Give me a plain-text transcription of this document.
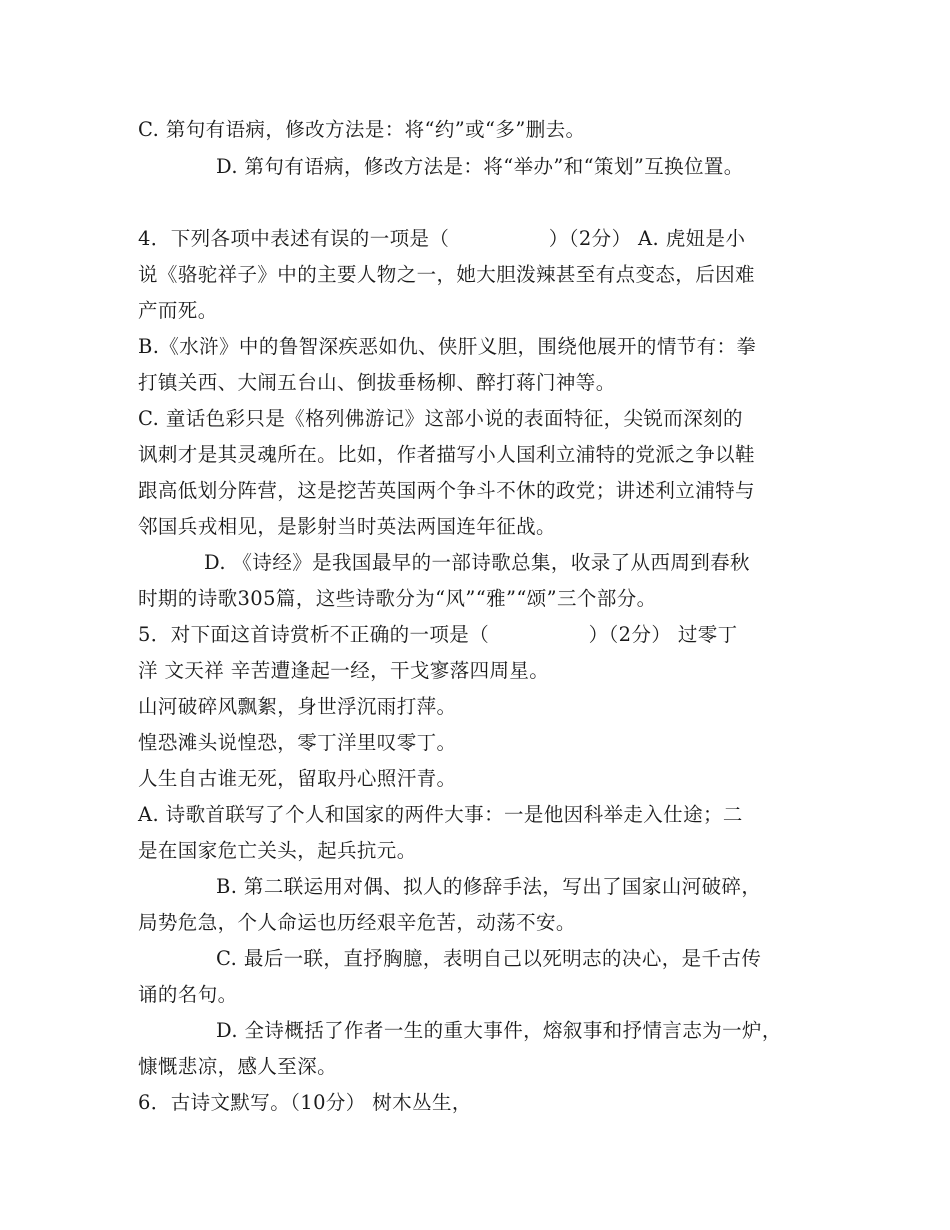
C. 第句有语病，修改方法是：将“约”或“多”删去。
D. 第句有语病，修改方法是：将“举办”和“策划”互换位置。
4．下列各项中表述有误的一项是（　　　　　）（2分） A. 虎妞是小
说《骆驼祥子》中的主要人物之一，她大胆泼辣甚至有点变态，后因难
产而死。
B.《水浒》中的鲁智深疾恶如仇、侠肝义胆，围绕他展开的情节有：拳
打镇关西、大闹五台山、倒拔垂杨柳、醉打蒋门神等。
C. 童话色彩只是《格列佛游记》这部小说的表面特征，尖锐而深刻的
讽刺才是其灵魂所在。比如，作者描写小人国利立浦特的党派之争以鞋
跟高低划分阵营，这是挖苦英国两个争斗不休的政党；讲述利立浦特与
邻国兵戎相见，是影射当时英法两国连年征战。
D. 《诗经》是我国最早的一部诗歌总集，收录了从西周到春秋
时期的诗歌305篇，这些诗歌分为“风”“雅”“颂”三个部分。
5．对下面这首诗赏析不正确的一项是（　　　　　）（2分） 过零丁
洋 文天祥 辛苦遭逢起一经，干戈寥落四周星。
山河破碎风飘絮，身世浮沉雨打萍。
惶恐滩头说惶恐，零丁洋里叹零丁。
人生自古谁无死，留取丹心照汗青。
A. 诗歌首联写了个人和国家的两件大事：一是他因科举走入仕途；二
是在国家危亡关头，起兵抗元。
B. 第二联运用对偶、拟人的修辞手法，写出了国家山河破碎，
局势危急，个人命运也历经艰辛危苦，动荡不安。
C. 最后一联，直抒胸臆，表明自己以死明志的决心，是千古传
诵的名句。
D. 全诗概括了作者一生的重大事件，熔叙事和抒情言志为一炉，
慷慨悲凉，感人至深。
6．古诗文默写。（10分） 树木丛生，
